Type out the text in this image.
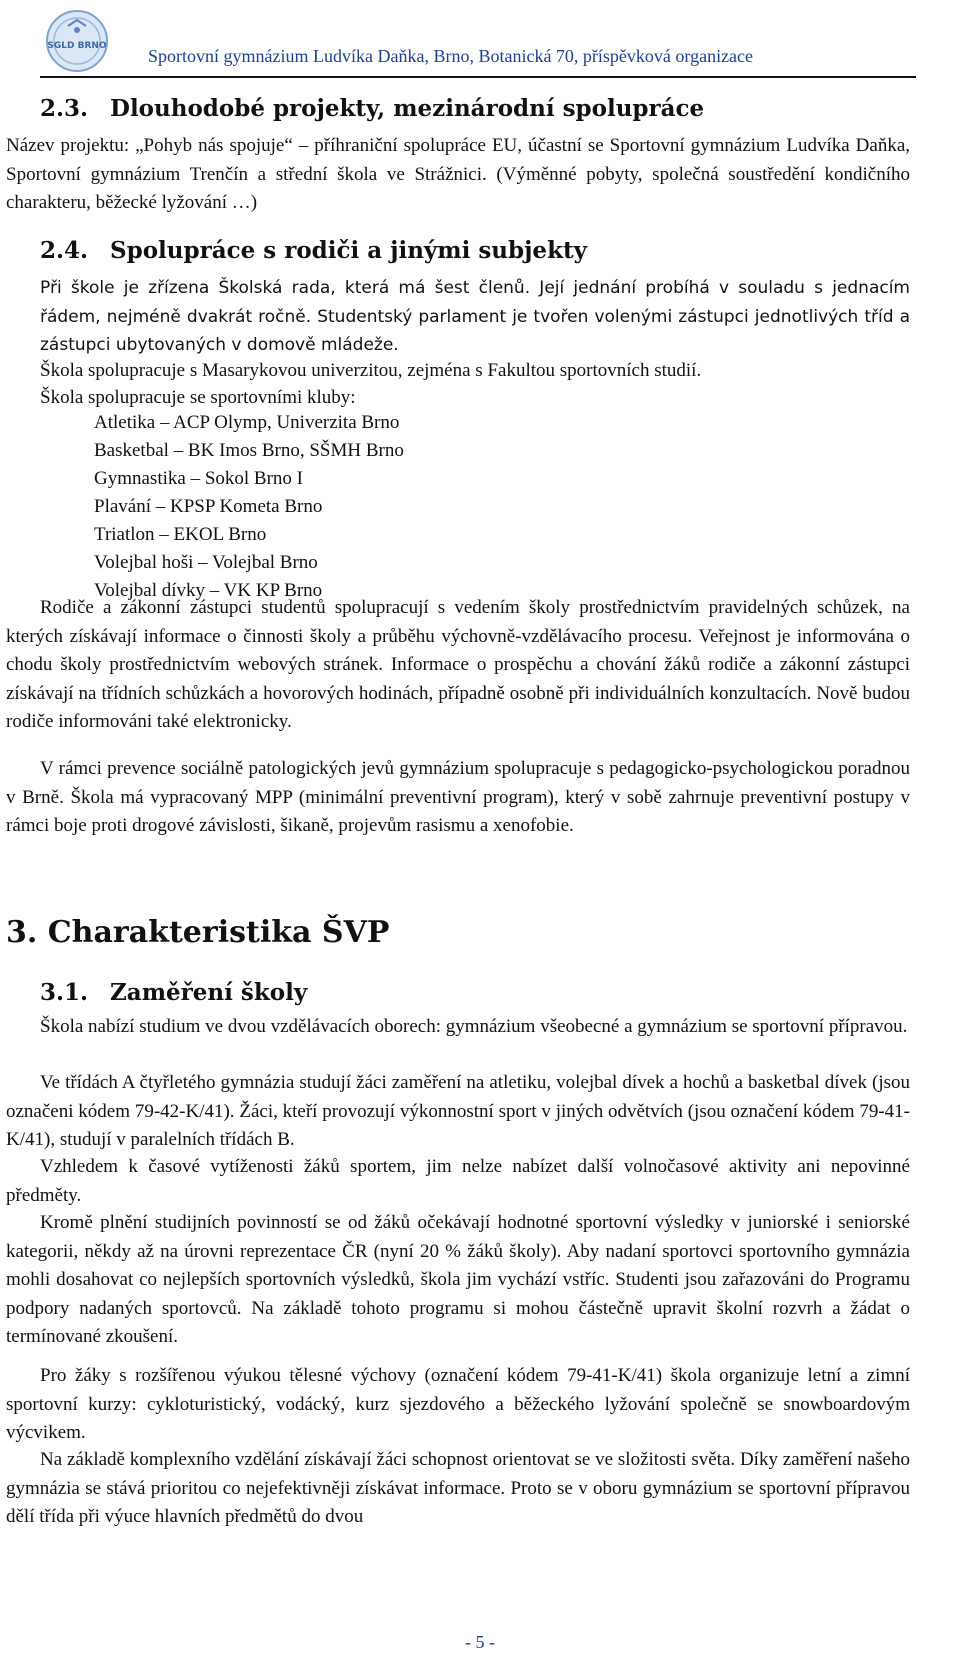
SGLD BRNO Sportovní gymnázium Ludvíka Daňka, Brno, Botanická 70, příspěvková organizace
2.3. Dlouhodobé projekty, mezinárodní spolupráce
Název projektu: „Pohyb nás spojuje“ – příhraniční spolupráce EU, účastní se Sportovní gymnázium Ludvíka Daňka, Sportovní gymnázium Trenčín a střední škola ve Strážnici. (Výměnné pobyty, společná soustředění kondičního charakteru, běžecké lyžování …)
2.4. Spolupráce s rodiči a jinými subjekty
Při škole je zřízena Školská rada, která má šest členů. Její jednání probíhá v souladu s jednacím řádem, nejméně dvakrát ročně. Studentský parlament je tvořen volenými zástupci jednotlivých tříd a zástupci ubytovaných v domově mládeže.
Škola spolupracuje s Masarykovou univerzitou, zejména s Fakultou sportovních studií.
Škola spolupracuje se sportovními kluby:
Atletika – ACP Olymp, Univerzita Brno
Basketbal – BK Imos Brno, SŠMH Brno
Gymnastika – Sokol Brno I
Plavání – KPSP Kometa Brno
Triatlon – EKOL Brno
Volejbal hoši – Volejbal Brno
Volejbal dívky – VK KP Brno
Rodiče a zákonní zástupci studentů spolupracují s vedením školy prostřednictvím pravidelných schůzek, na kterých získávají informace o činnosti školy a průběhu výchovně-vzdělávacího procesu. Veřejnost je informována o chodu školy prostřednictvím webových stránek. Informace o prospěchu a chování žáků rodiče a zákonní zástupci získávají na třídních schůzkách a hovorových hodinách, případně osobně při individuálních konzultacích. Nově budou rodiče informováni také elektronicky.
V rámci prevence sociálně patologických jevů gymnázium spolupracuje s pedagogicko-psychologickou poradnou v Brně. Škola má vypracovaný MPP (minimální preventivní program), který v sobě zahrnuje preventivní postupy v rámci boje proti drogové závislosti, šikaně, projevům rasismu a xenofobie.
3. Charakteristika ŠVP
3.1. Zaměření školy
Škola nabízí studium ve dvou vzdělávacích oborech: gymnázium všeobecné a gymnázium se sportovní přípravou.
Ve třídách A čtyřletého gymnázia studují žáci zaměření na atletiku, volejbal dívek a hochů a basketbal dívek (jsou označeni kódem 79-42-K/41). Žáci, kteří provozují výkonnostní sport v jiných odvětvích (jsou označení kódem 79-41-K/41), studují v paralelních třídách B.
Vzhledem k časové vytíženosti žáků sportem, jim nelze nabízet další volnočasové aktivity ani nepovinné předměty.
Kromě plnění studijních povinností se od žáků očekávají hodnotné sportovní výsledky v juniorské i seniorské kategorii, někdy až na úrovni reprezentace ČR (nyní 20 % žáků školy). Aby nadaní sportovci sportovního gymnázia mohli dosahovat co nejlepších sportovních výsledků, škola jim vychází vstříc. Studenti jsou zařazováni do Programu podpory nadaných sportovců. Na základě tohoto programu si mohou částečně upravit školní rozvrh a žádat o termínované zkoušení.
Pro žáky s rozšířenou výukou tělesné výchovy (označení kódem 79-41-K/41) škola organizuje letní a zimní sportovní kurzy: cykloturistický, vodácký, kurz sjezdového a běžeckého lyžování společně se snowboardovým výcvikem.
Na základě komplexního vzdělání získávají žáci schopnost orientovat se ve složitosti světa. Díky zaměření našeho gymnázia se stává prioritou co nejefektivněji získávat informace. Proto se v oboru gymnázium se sportovní přípravou dělí třída při výuce hlavních předmětů do dvou
- 5 -
